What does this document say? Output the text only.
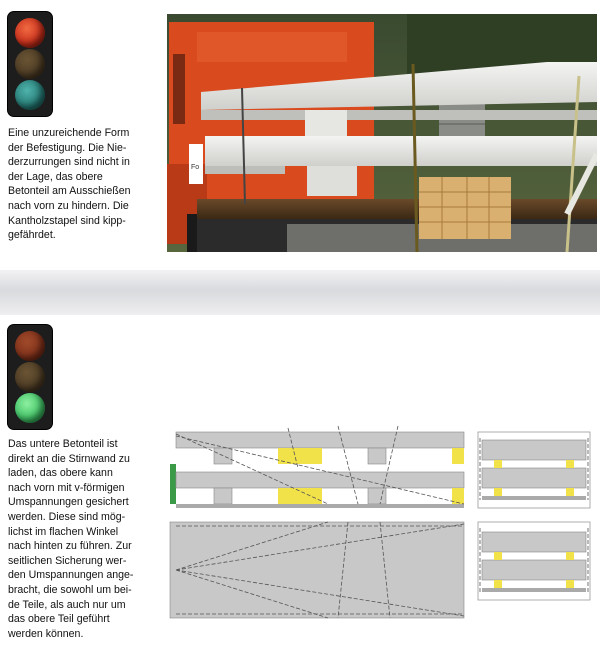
Eine unzureichende Form
der Befestigung. Die Nie-
derzurrungen sind nicht in
der Lage, das obere
Betonteil am Ausschießen
nach vorn zu hindern. Die
Kantholzstapel sind kipp-
gefährdet.

Fo

Das untere Betonteil ist
direkt an die Stirnwand zu
laden, das obere kann
nach vorn mit v-förmigen
Umspannungen gesichert
werden. Diese sind mög-
lichst im flachen Winkel
nach hinten zu führen. Zur
seitlichen Sicherung wer-
den Umspannungen ange-
bracht, die sowohl um bei-
de Teile, als auch nur um
das obere Teil geführt
werden können.
